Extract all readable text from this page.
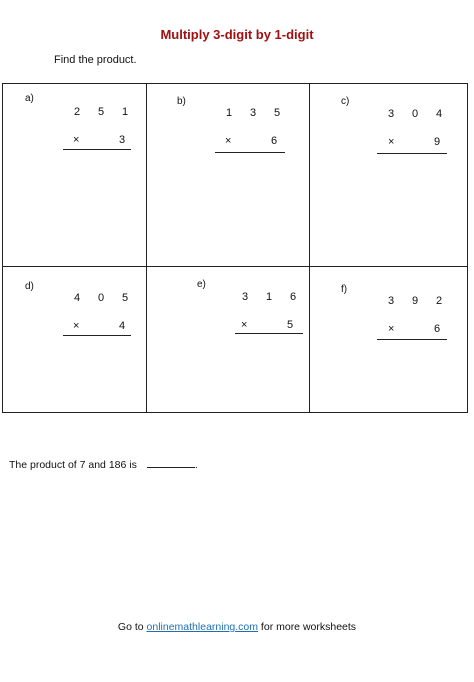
Multiply 3-digit by 1-digit
Find the product.
a)
2 5 1
×	3
b)
1 3 5
×	6
c)
3 0 4
×	9
d)
4 0 5
×	4
e)
3 1 6
×	5
f)
3 9 2
×	6
The product of 7 and 186 is	.
Go to onlinemathlearning.com for more worksheets
